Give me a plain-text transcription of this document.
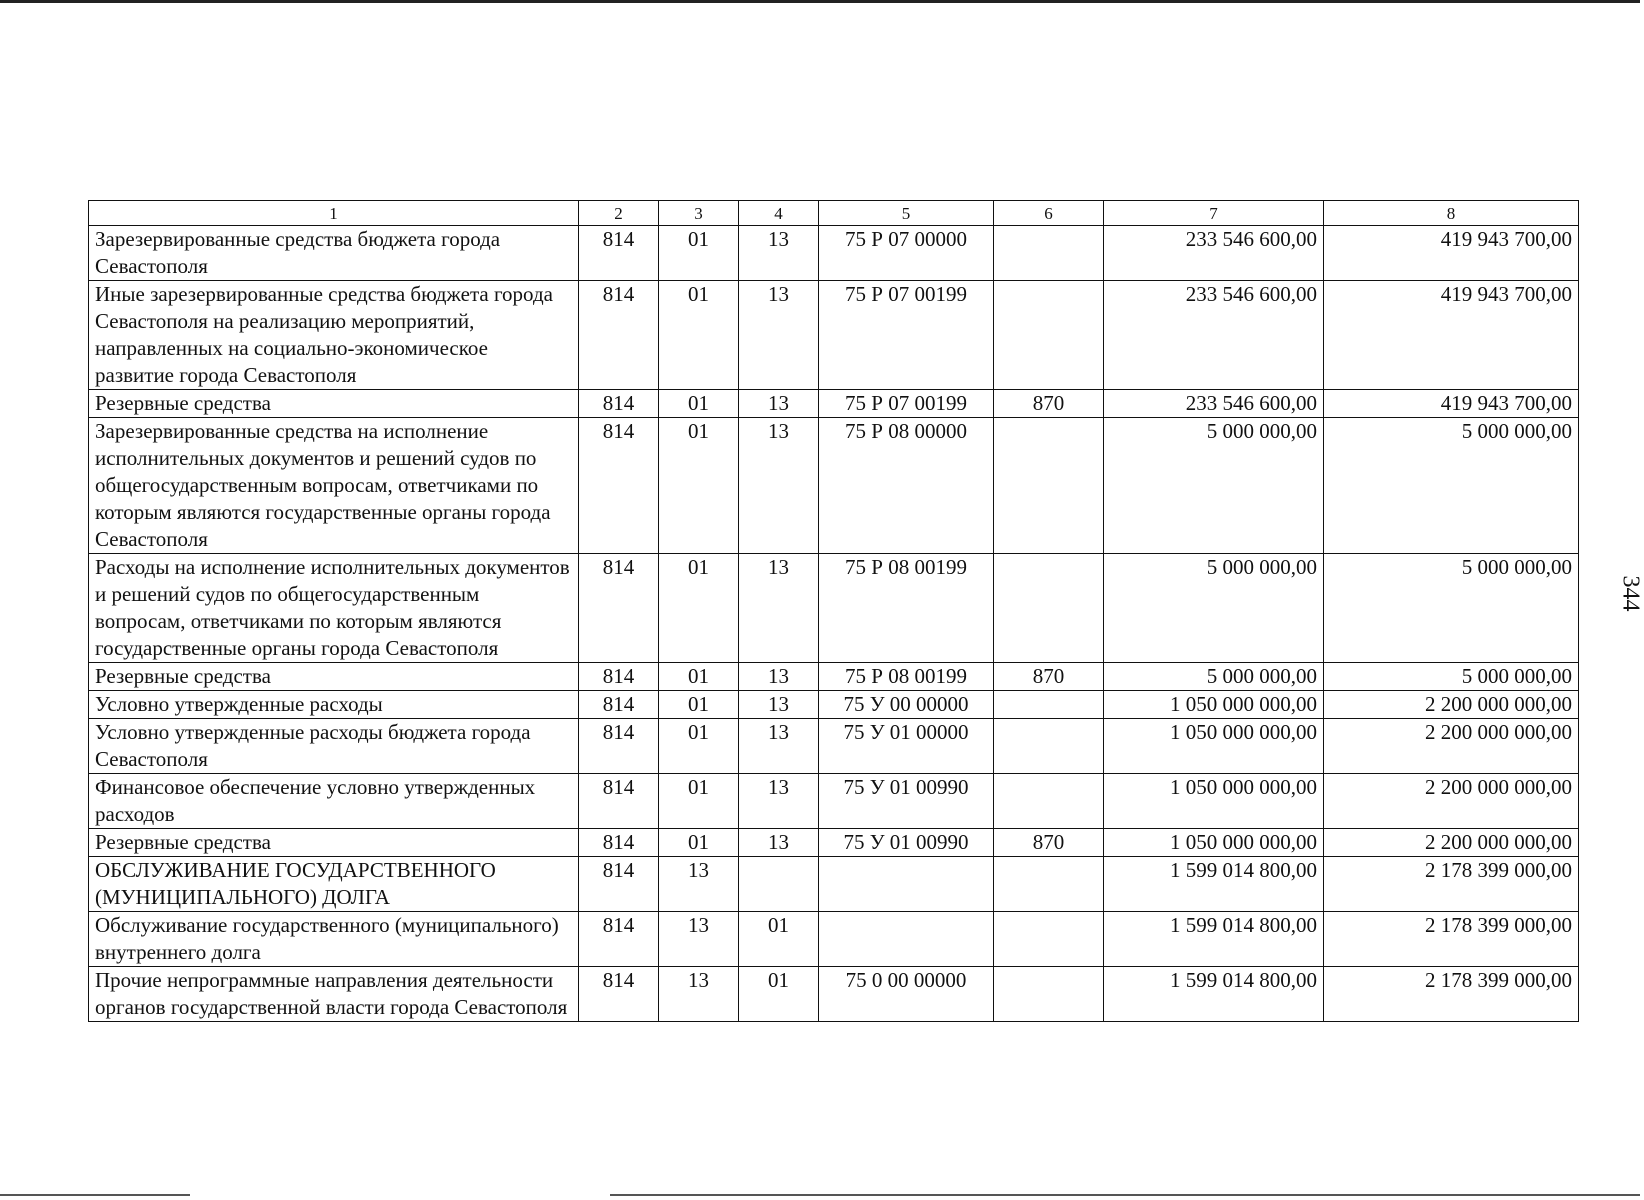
1	2	3	4	5	6	7	8
Зарезервированные средства бюджета города Севастополя	814	01	13	75 Р 07 00000		233 546 600,00	419 943 700,00
Иные зарезервированные средства бюджета города Севастополя на реализацию мероприятий, направленных на социально-экономическое развитие города Севастополя	814	01	13	75 Р 07 00199		233 546 600,00	419 943 700,00
Резервные средства	814	01	13	75 Р 07 00199	870	233 546 600,00	419 943 700,00
Зарезервированные средства на исполнение исполнительных документов и решений судов по общегосударственным вопросам, ответчиками по которым являются государственные органы города Севастополя	814	01	13	75 Р 08 00000		5 000 000,00	5 000 000,00
Расходы на исполнение исполнительных документов и решений судов по общегосударственным вопросам, ответчиками по которым являются государственные органы города Севастополя	814	01	13	75 Р 08 00199		5 000 000,00	5 000 000,00
Резервные средства	814	01	13	75 Р 08 00199	870	5 000 000,00	5 000 000,00
Условно утвержденные расходы	814	01	13	75 У 00 00000		1 050 000 000,00	2 200 000 000,00
Условно утвержденные расходы бюджета города Севастополя	814	01	13	75 У 01 00000		1 050 000 000,00	2 200 000 000,00
Финансовое обеспечение условно утвержденных расходов	814	01	13	75 У 01 00990		1 050 000 000,00	2 200 000 000,00
Резервные средства	814	01	13	75 У 01 00990	870	1 050 000 000,00	2 200 000 000,00
ОБСЛУЖИВАНИЕ ГОСУДАРСТВЕННОГО (МУНИЦИПАЛЬНОГО) ДОЛГА	814	13				1 599 014 800,00	2 178 399 000,00
Обслуживание государственного (муниципального) внутреннего долга	814	13	01			1 599 014 800,00	2 178 399 000,00
Прочие непрограммные направления деятельности органов государственной власти города Севастополя	814	13	01	75 0 00 00000		1 599 014 800,00	2 178 399 000,00
344
